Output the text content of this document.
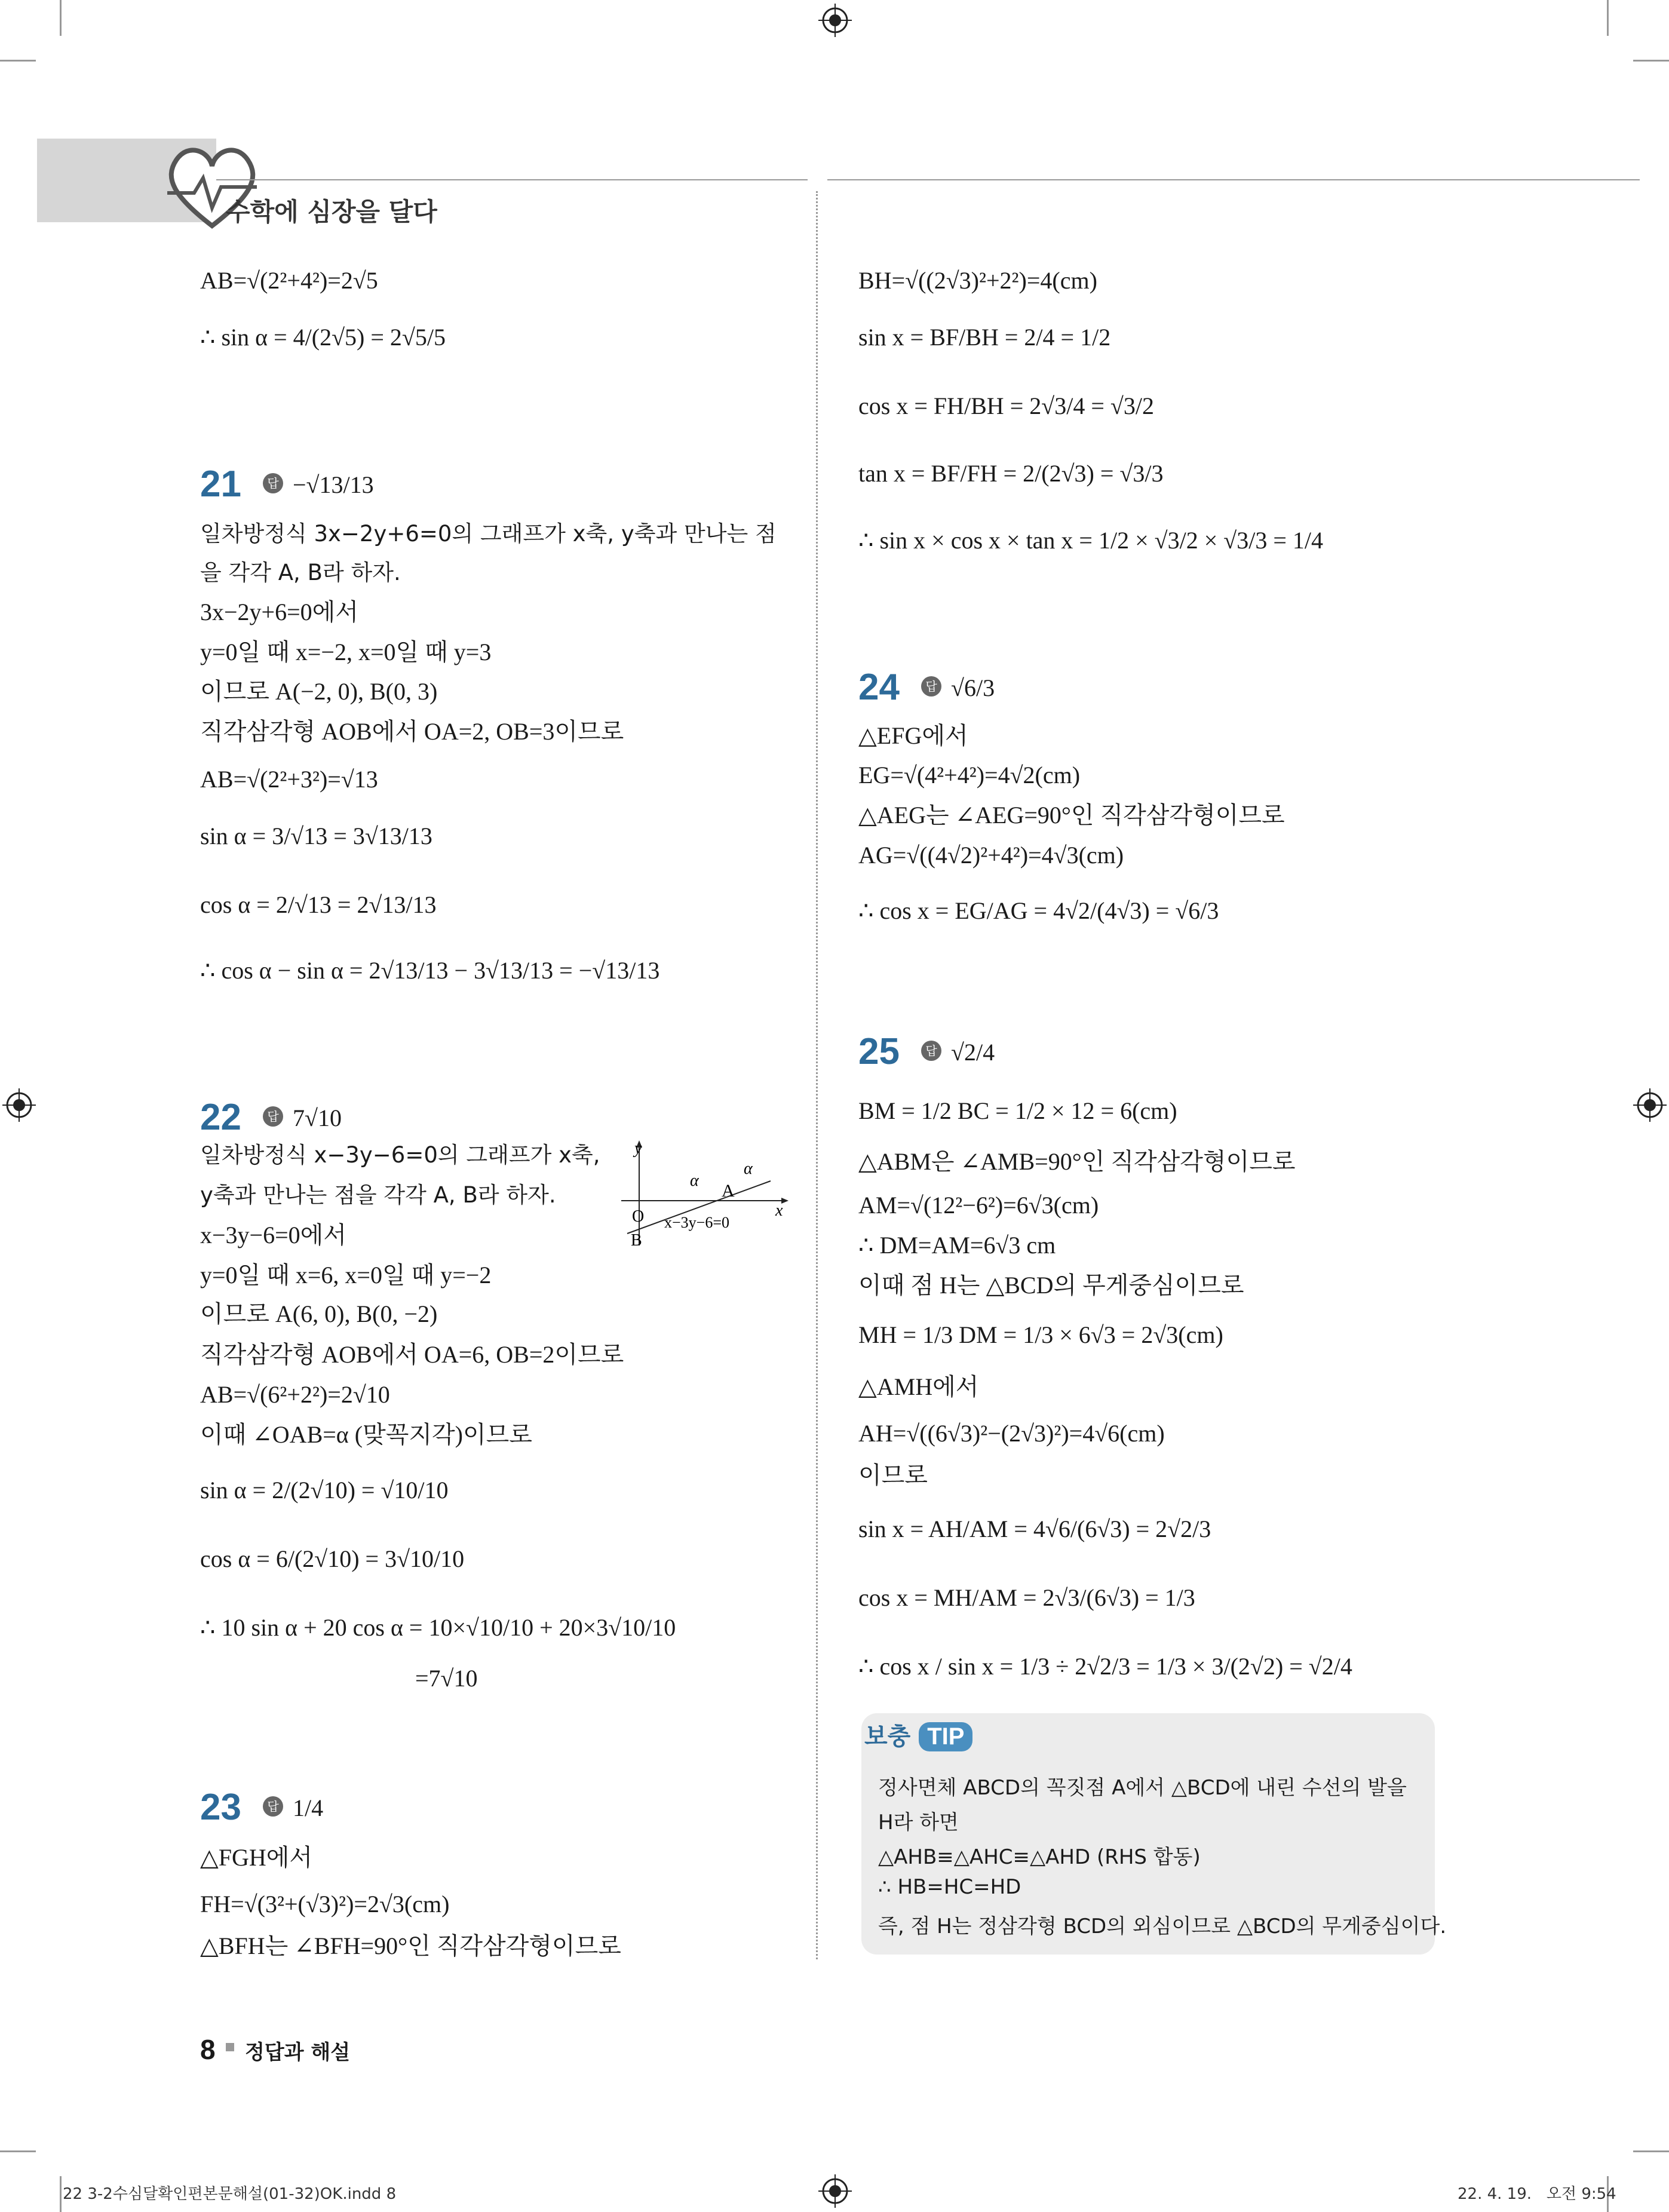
수학에 심장을 달다
21	답 −√13/13
22	답 7√10
23	답 1/4
24	답 √6/3
25	답 √2/4
AB=√(2²+4²)=2√5
∴ sin α = 4/(2√5) = 2√5/5
일차방정식 3x−2y+6=0의 그래프가 x축, y축과 만나는 점
을 각각 A, B라 하자.
3x−2y+6=0에서
y=0일 때 x=−2, x=0일 때 y=3
이므로 A(−2, 0), B(0, 3)
직각삼각형 AOB에서 OA=2, OB=3이므로
AB=√(2²+3²)=√13
sin α = 3/√13 = 3√13/13
cos α = 2/√13 = 2√13/13
∴ cos α − sin α = 2√13/13 − 3√13/13 = −√13/13
일차방정식 x−3y−6=0의 그래프가 x축,
y축과 만나는 점을 각각 A, B라 하자.
x−3y−6=0에서
y=0일 때 x=6, x=0일 때 y=−2
이므로 A(6, 0), B(0, −2)
직각삼각형 AOB에서 OA=6, OB=2이므로
AB=√(6²+2²)=2√10
이때 ∠OAB=α (맞꼭지각)이므로
sin α = 2/(2√10) = √10/10
cos α = 6/(2√10) = 3√10/10
∴ 10 sin α + 20 cos α = 10×√10/10 + 20×3√10/10
=7√10
△FGH에서
FH=√(3²+(√3)²)=2√3(cm)
△BFH는 ∠BFH=90°인 직각삼각형이므로
BH=√((2√3)²+2²)=4(cm)
sin x = BF/BH = 2/4 = 1/2
cos x = FH/BH = 2√3/4 = √3/2
tan x = BF/FH = 2/(2√3) = √3/3
∴ sin x × cos x × tan x = 1/2 × √3/2 × √3/3 = 1/4
△EFG에서
EG=√(4²+4²)=4√2(cm)
△AEG는 ∠AEG=90°인 직각삼각형이므로
AG=√((4√2)²+4²)=4√3(cm)
∴ cos x = EG/AG = 4√2/(4√3) = √6/3
BM = 1/2 BC = 1/2 × 12 = 6(cm)
△ABM은 ∠AMB=90°인 직각삼각형이므로
AM=√(12²−6²)=6√3(cm)
∴ DM=AM=6√3 cm
이때 점 H는 △BCD의 무게중심이므로
MH = 1/3 DM = 1/3 × 6√3 = 2√3(cm)
△AMH에서
AH=√((6√3)²−(2√3)²)=4√6(cm)
이므로
sin x = AH/AM = 4√6/(6√3) = 2√2/3
cos x = MH/AM = 2√3/(6√3) = 1/3
∴ cos x / sin x = 1/3 ÷ 2√2/3 = 1/3 × 3/(2√2) = √2/4
y
x
O
A
B
α
α
x−3y−6=0
보충 TIP
정사면체 ABCD의 꼭짓점 A에서 △BCD에 내린 수선의 발을
H라 하면
△AHB≡△AHC≡△AHD (RHS 합동)
∴ HB=HC=HD
즉, 점 H는 정삼각형 BCD의 외심이므로 △BCD의 무게중심이다.
8 정답과 해설
22 3-2수심달확인편본문해설(01-32)OK.indd 8	22. 4. 19.   오전 9:54
